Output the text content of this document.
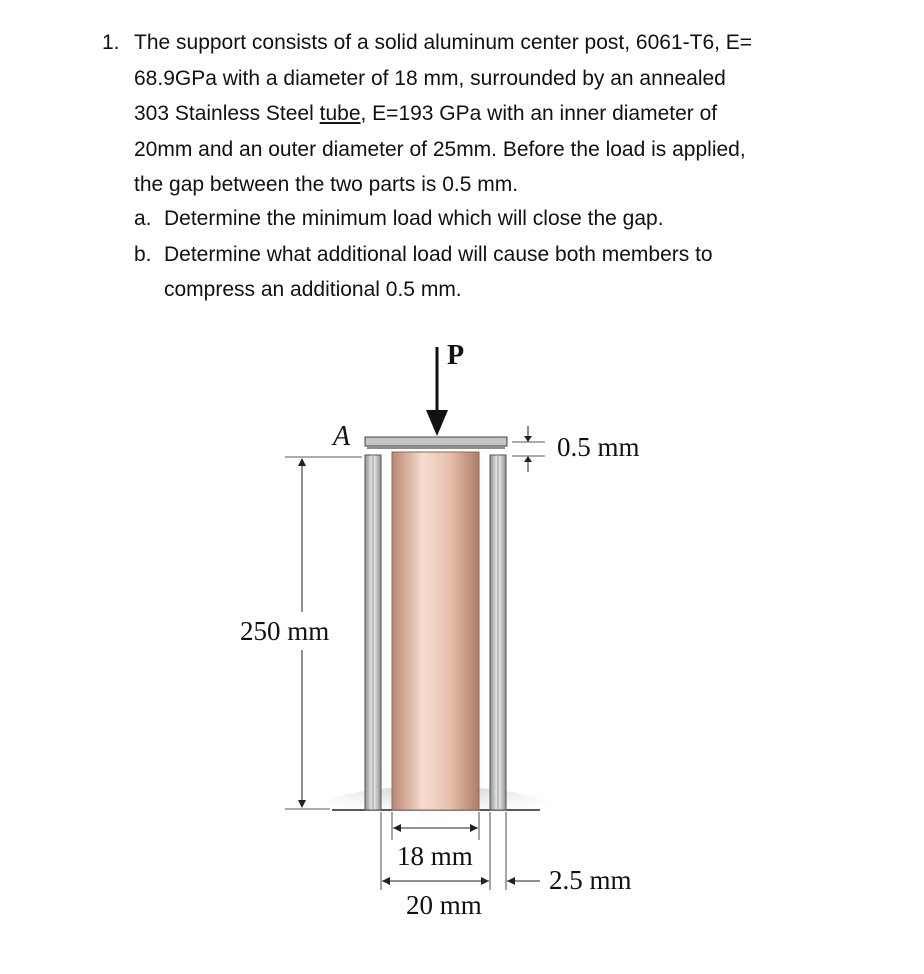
1. The support consists of a solid aluminum center post, 6061-T6, E=
68.9GPa with a diameter of 18 mm, surrounded by an annealed
303 Stainless Steel tube, E=193 GPa with an inner diameter of
20mm and an outer diameter of 25mm. Before the load is applied,
the gap between the two parts is 0.5 mm.
a. Determine the minimum load which will close the gap.
b. Determine what additional load will cause both members to
compress an additional 0.5 mm.
P
A	0.5 mm
250 mm
18 mm
20 mm
2.5 mm
